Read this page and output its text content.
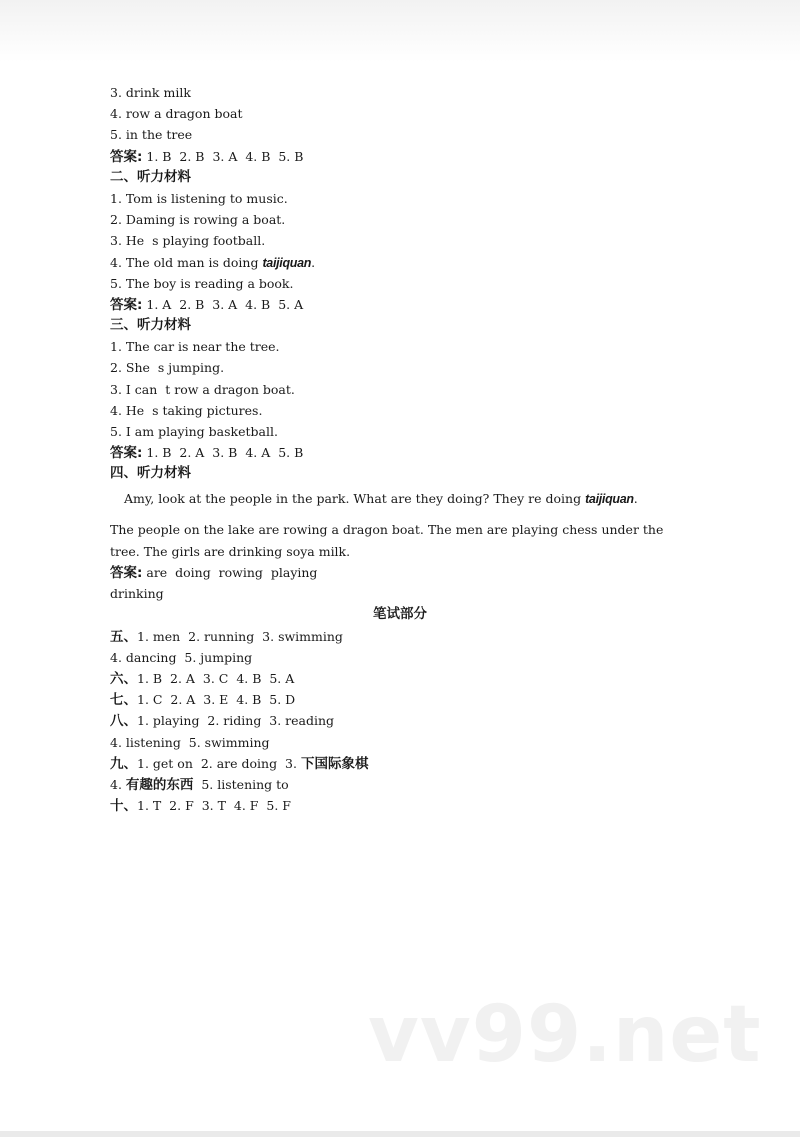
3. drink milk
4. row a dragon boat
5. in the tree
答案: 1. B  2. B  3. A  4. B  5. B
二、听力材料
1. Tom is listening to music.
2. Daming is rowing a boat.
3. He  s playing football.
4. The old man is doing taijiquan.
5. The boy is reading a book.
答案: 1. A  2. B  3. A  4. B  5. A
三、听力材料
1. The car is near the tree.
2. She  s jumping.
3. I can  t row a dragon boat.
4. He  s taking pictures.
5. I am playing basketball.
答案: 1. B  2. A  3. B  4. A  5. B
四、听力材料
Amy, look at the people in the park. What are they doing? They re doing taijiquan.
The people on the lake are rowing a dragon boat. The men are playing chess under the tree. The girls are drinking soya milk.
答案: are  doing  rowing  playing
drinking
笔试部分
五、1. men  2. running  3. swimming
4. dancing  5. jumping
六、1. B  2. A  3. C  4. B  5. A
七、1. C  2. A  3. E  4. B  5. D
八、1. playing  2. riding  3. reading
4. listening  5. swimming
九、1. get on  2. are doing  3. 下国际象棋
4. 有趣的东西  5. listening to
十、1. T  2. F  3. T  4. F  5. F
vv99.net
